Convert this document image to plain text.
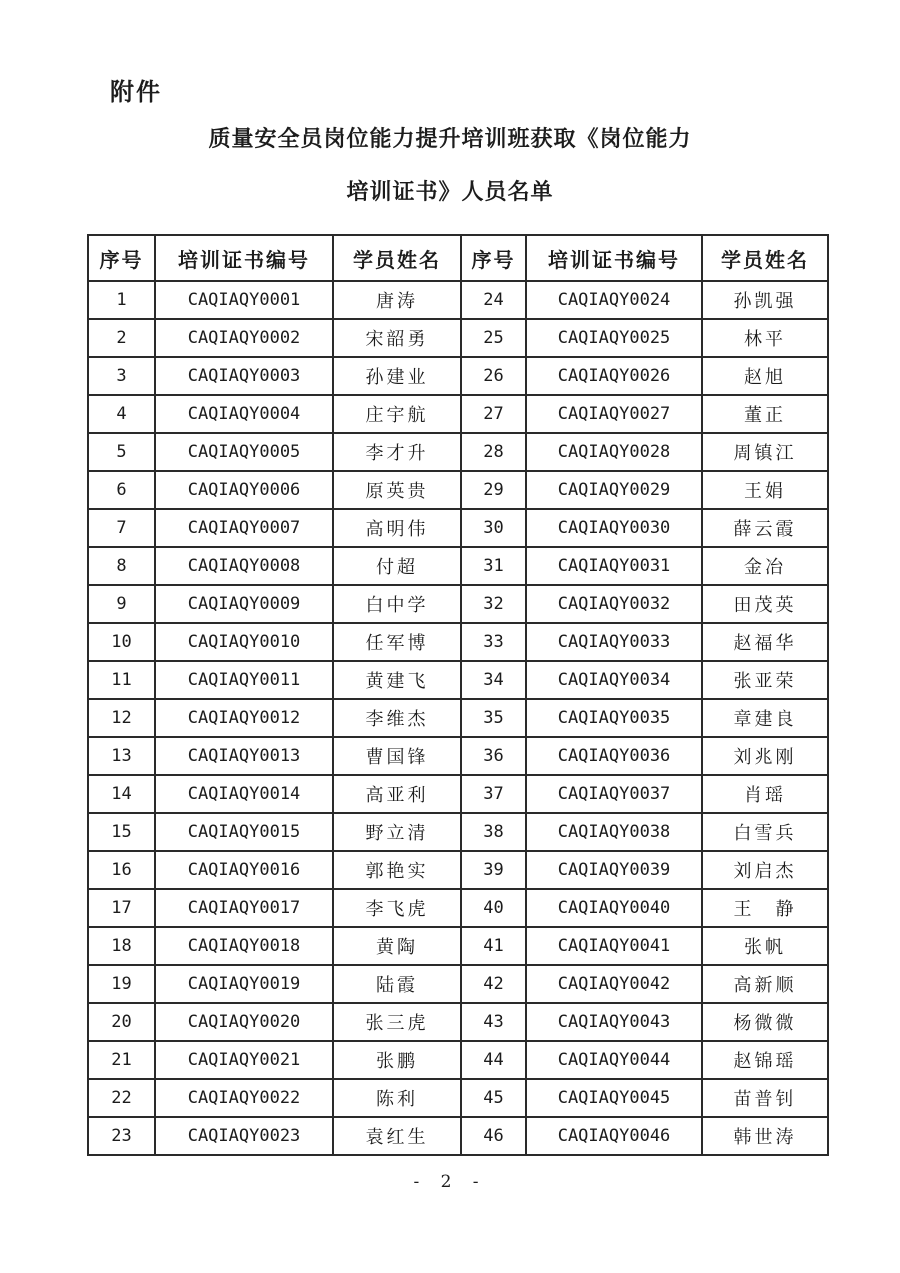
附件
质量安全员岗位能力提升培训班获取《岗位能力
培训证书》人员名单
序号	培训证书编号	学员姓名	序号	培训证书编号	学员姓名
1	CAQIAQY0001	唐涛	24	CAQIAQY0024	孙凯强
2	CAQIAQY0002	宋韶勇	25	CAQIAQY0025	林平
3	CAQIAQY0003	孙建业	26	CAQIAQY0026	赵旭
4	CAQIAQY0004	庄宇航	27	CAQIAQY0027	董正
5	CAQIAQY0005	李才升	28	CAQIAQY0028	周镇江
6	CAQIAQY0006	原英贵	29	CAQIAQY0029	王娟
7	CAQIAQY0007	高明伟	30	CAQIAQY0030	薛云霞
8	CAQIAQY0008	付超	31	CAQIAQY0031	金冶
9	CAQIAQY0009	白中学	32	CAQIAQY0032	田茂英
10	CAQIAQY0010	任军博	33	CAQIAQY0033	赵福华
11	CAQIAQY0011	黄建飞	34	CAQIAQY0034	张亚荣
12	CAQIAQY0012	李维杰	35	CAQIAQY0035	章建良
13	CAQIAQY0013	曹国锋	36	CAQIAQY0036	刘兆刚
14	CAQIAQY0014	高亚利	37	CAQIAQY0037	肖瑶
15	CAQIAQY0015	野立清	38	CAQIAQY0038	白雪兵
16	CAQIAQY0016	郭艳实	39	CAQIAQY0039	刘启杰
17	CAQIAQY0017	李飞虎	40	CAQIAQY0040	王　静
18	CAQIAQY0018	黄陶	41	CAQIAQY0041	张帆
19	CAQIAQY0019	陆霞	42	CAQIAQY0042	高新顺
20	CAQIAQY0020	张三虎	43	CAQIAQY0043	杨微微
21	CAQIAQY0021	张鹏	44	CAQIAQY0044	赵锦瑶
22	CAQIAQY0022	陈利	45	CAQIAQY0045	苗普钊
23	CAQIAQY0023	袁红生	46	CAQIAQY0046	韩世涛
- 2 -
